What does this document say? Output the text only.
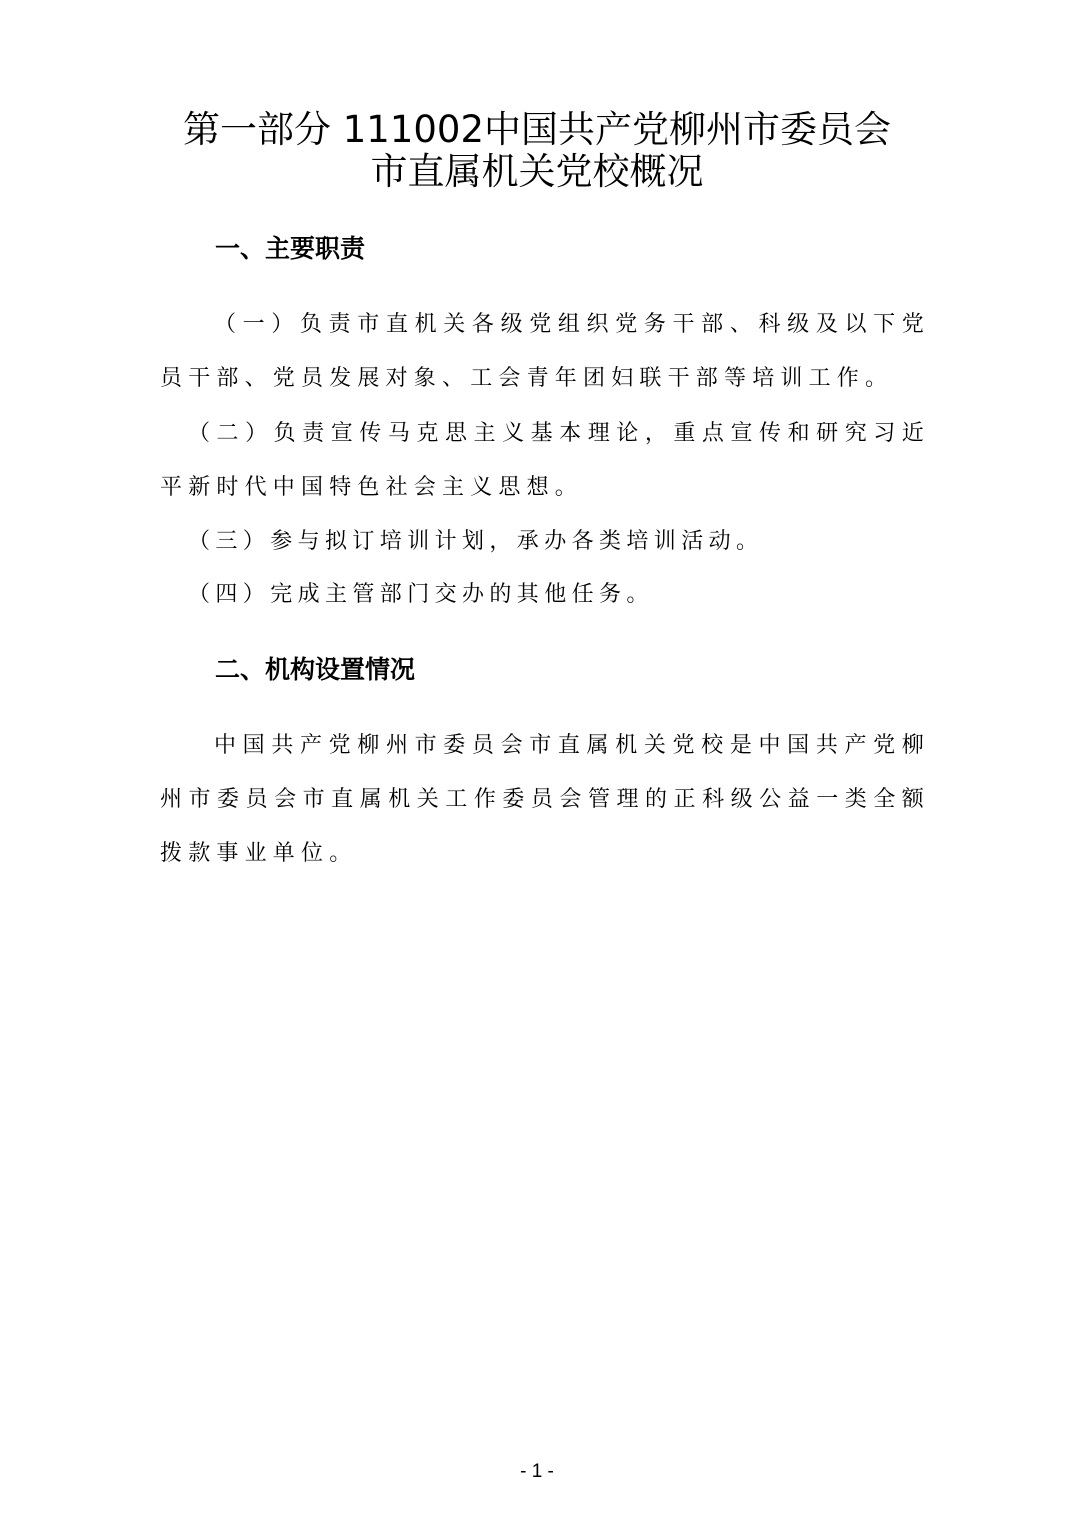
第一部分 111002中国共产党柳州市委员会
市直属机关党校概况
一、主要职责

（一）负责市直机关各级党组织党务干部、科级及以下党员干部、党员发展对象、工会青年团妇联干部等培训工作。

（二）负责宣传马克思主义基本理论，重点宣传和研究习近平新时代中国特色社会主义思想。

（三）参与拟订培训计划，承办各类培训活动。

（四）完成主管部门交办的其他任务。

二、机构设置情况

中国共产党柳州市委员会市直属机关党校是中国共产党柳州市委员会市直属机关工作委员会管理的正科级公益一类全额拨款事业单位。

- 1 -
